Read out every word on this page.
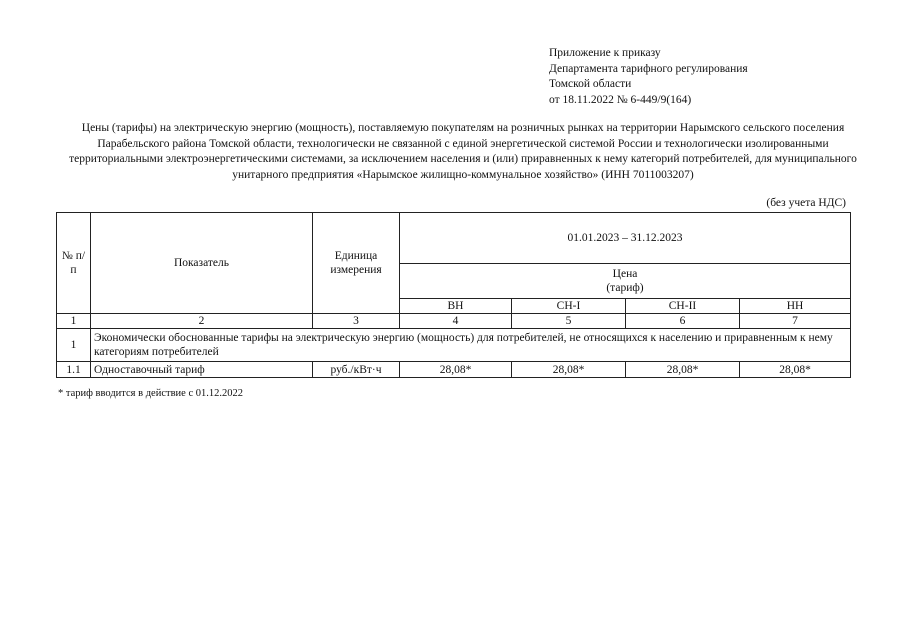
Приложение к приказу
Департамента тарифного регулирования
Томской области
от 18.11.2022 № 6-449/9(164)
Цены (тарифы) на электрическую энергию (мощность), поставляемую покупателям на розничных рынках на территории Нарымского сельского поселения Парабельского района Томской области, технологически не связанной с единой энергетической системой России и технологически изолированными территориальными электроэнергетическими системами, за исключением населения и (или) приравненных к нему категорий потребителей, для муниципального унитарного предприятия «Нарымское жилищно-коммунальное хозяйство» (ИНН 7011003207)
(без учета НДС)
№ п/п	Показатель	Единица измерения	01.01.2023 – 31.12.2023			

			Цена
(тариф)			

			ВН	СН-I	СН-II	НН
1	2	3	4	5	6	7
1	Экономически обоснованные тарифы на электрическую энергию (мощность) для потребителей, не относящихся к населению и приравненным к нему категориям потребителей					
1.1	Одноставочный тариф	руб./кВт·ч	28,08*	28,08*	28,08*	28,08*
* тариф вводится в действие с 01.12.2022
